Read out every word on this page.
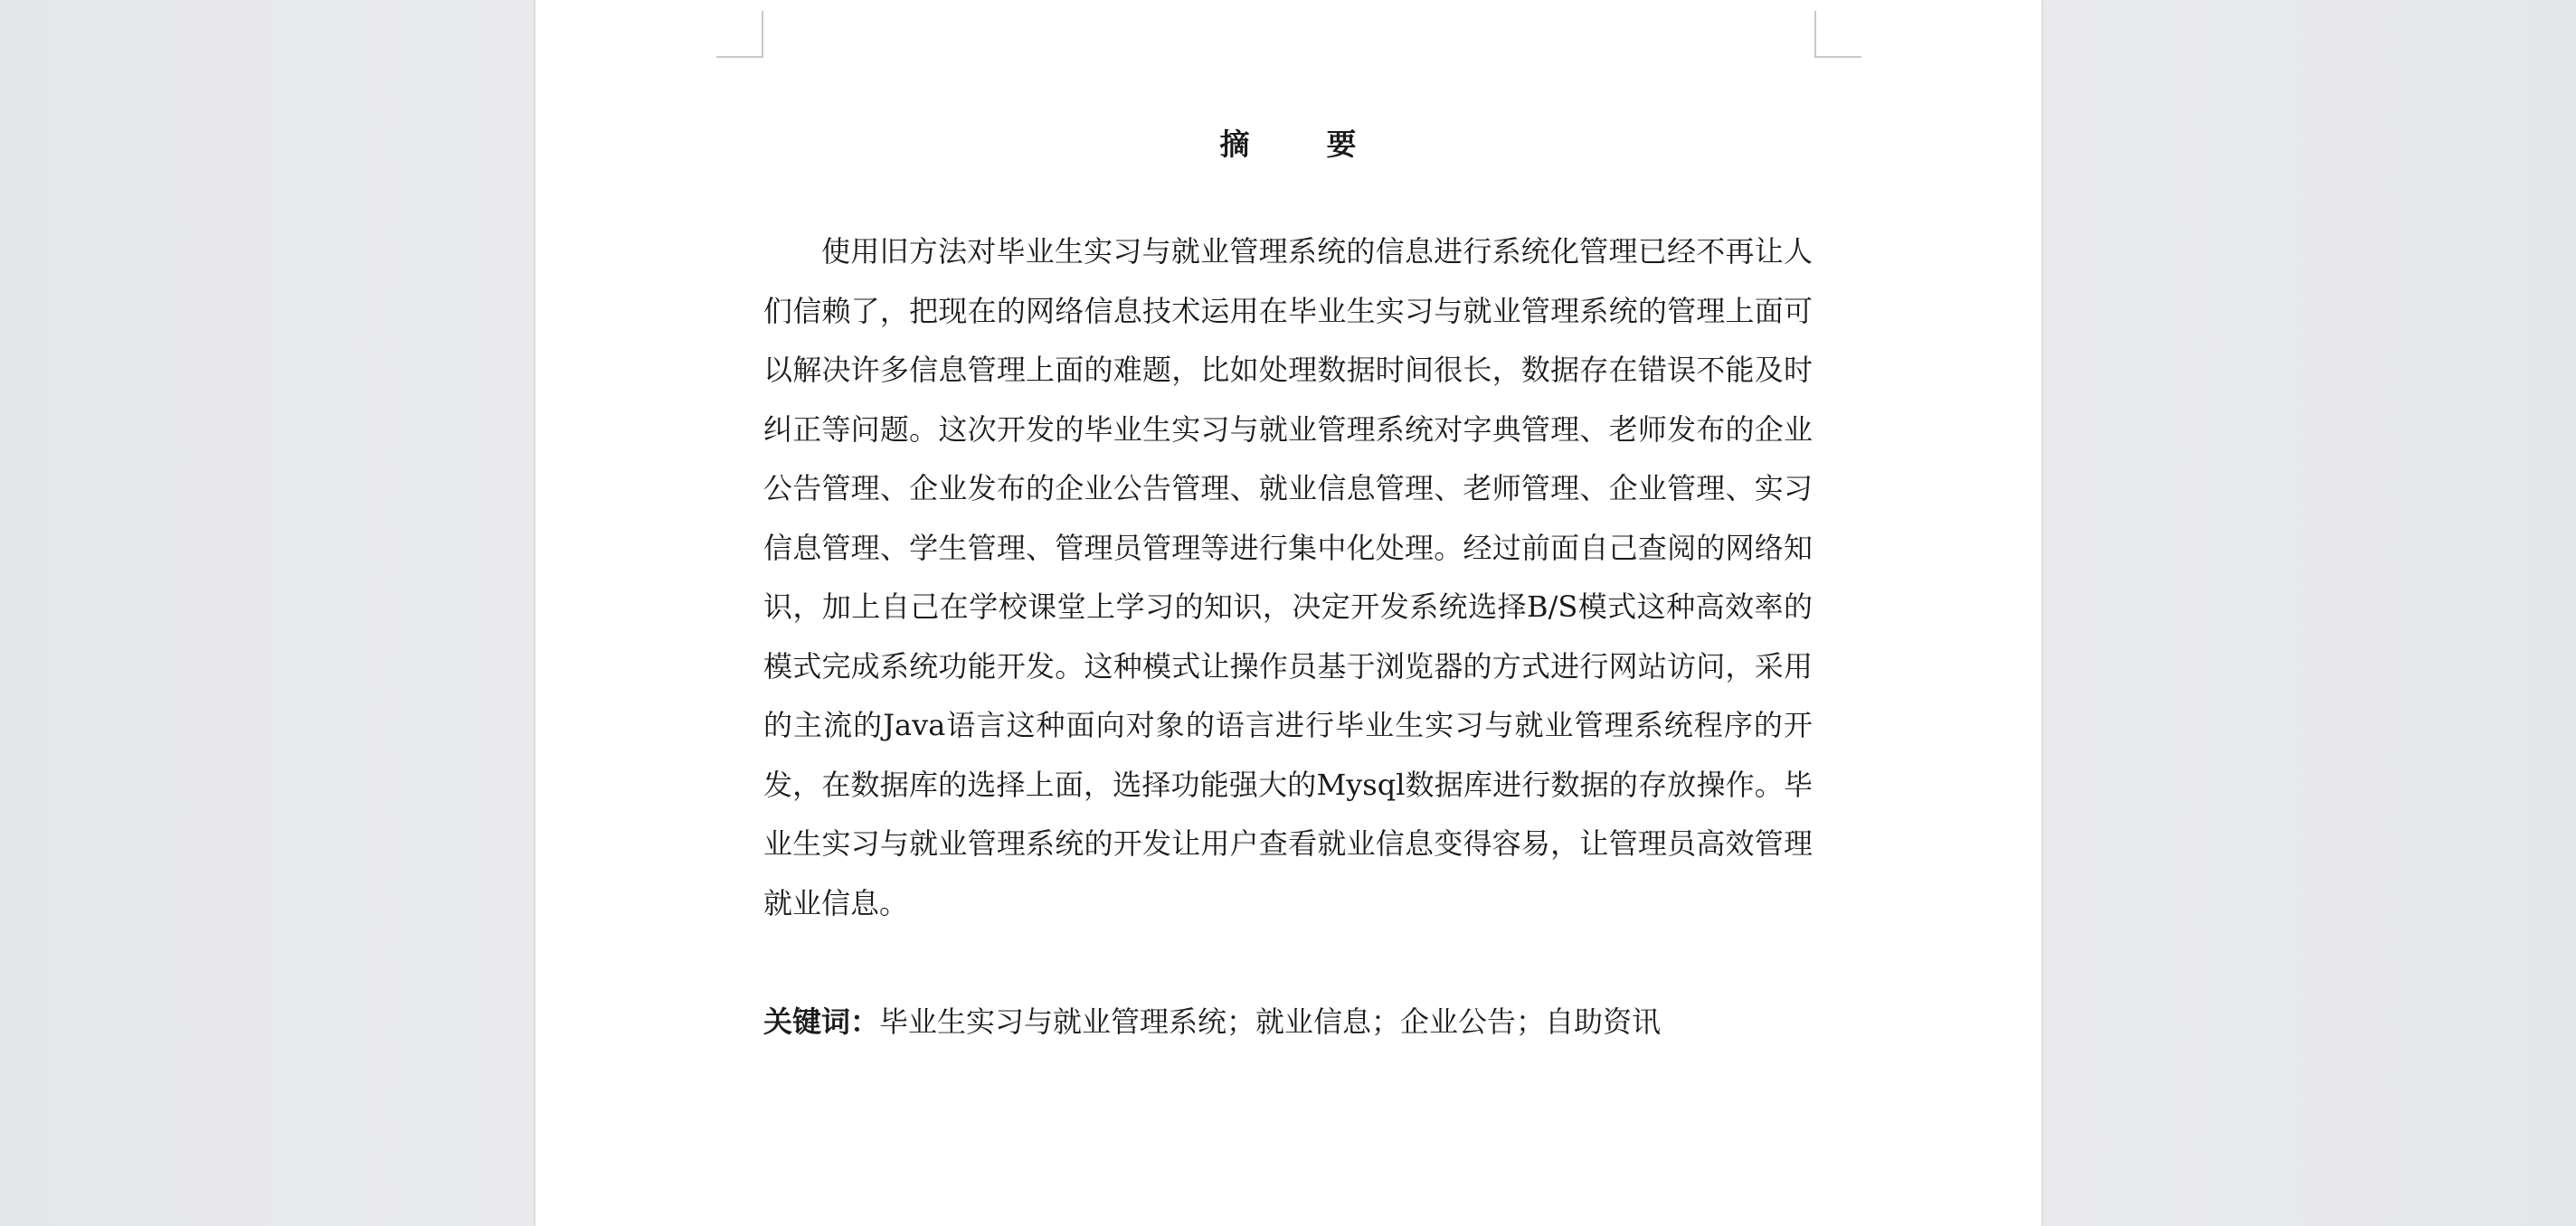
摘　要

使用旧方法对毕业生实习与就业管理系统的信息进行系统化管理已经不再让人们信赖了，把现在的网络信息技术运用在毕业生实习与就业管理系统的管理上面可以解决许多信息管理上面的难题，比如处理数据时间很长，数据存在错误不能及时纠正等问题。这次开发的毕业生实习与就业管理系统对字典管理、老师发布的企业公告管理、企业发布的企业公告管理、就业信息管理、老师管理、企业管理、实习信息管理、学生管理、管理员管理等进行集中化处理。经过前面自己查阅的网络知识，加上自己在学校课堂上学习的知识，决定开发系统选择B/S模式这种高效率的模式完成系统功能开发。这种模式让操作员基于浏览器的方式进行网站访问，采用的主流的Java语言这种面向对象的语言进行毕业生实习与就业管理系统程序的开发，在数据库的选择上面，选择功能强大的Mysql数据库进行数据的存放操作。毕业生实习与就业管理系统的开发让用户查看就业信息变得容易，让管理员高效管理就业信息。

关键词：毕业生实习与就业管理系统；就业信息；企业公告；自助资讯
